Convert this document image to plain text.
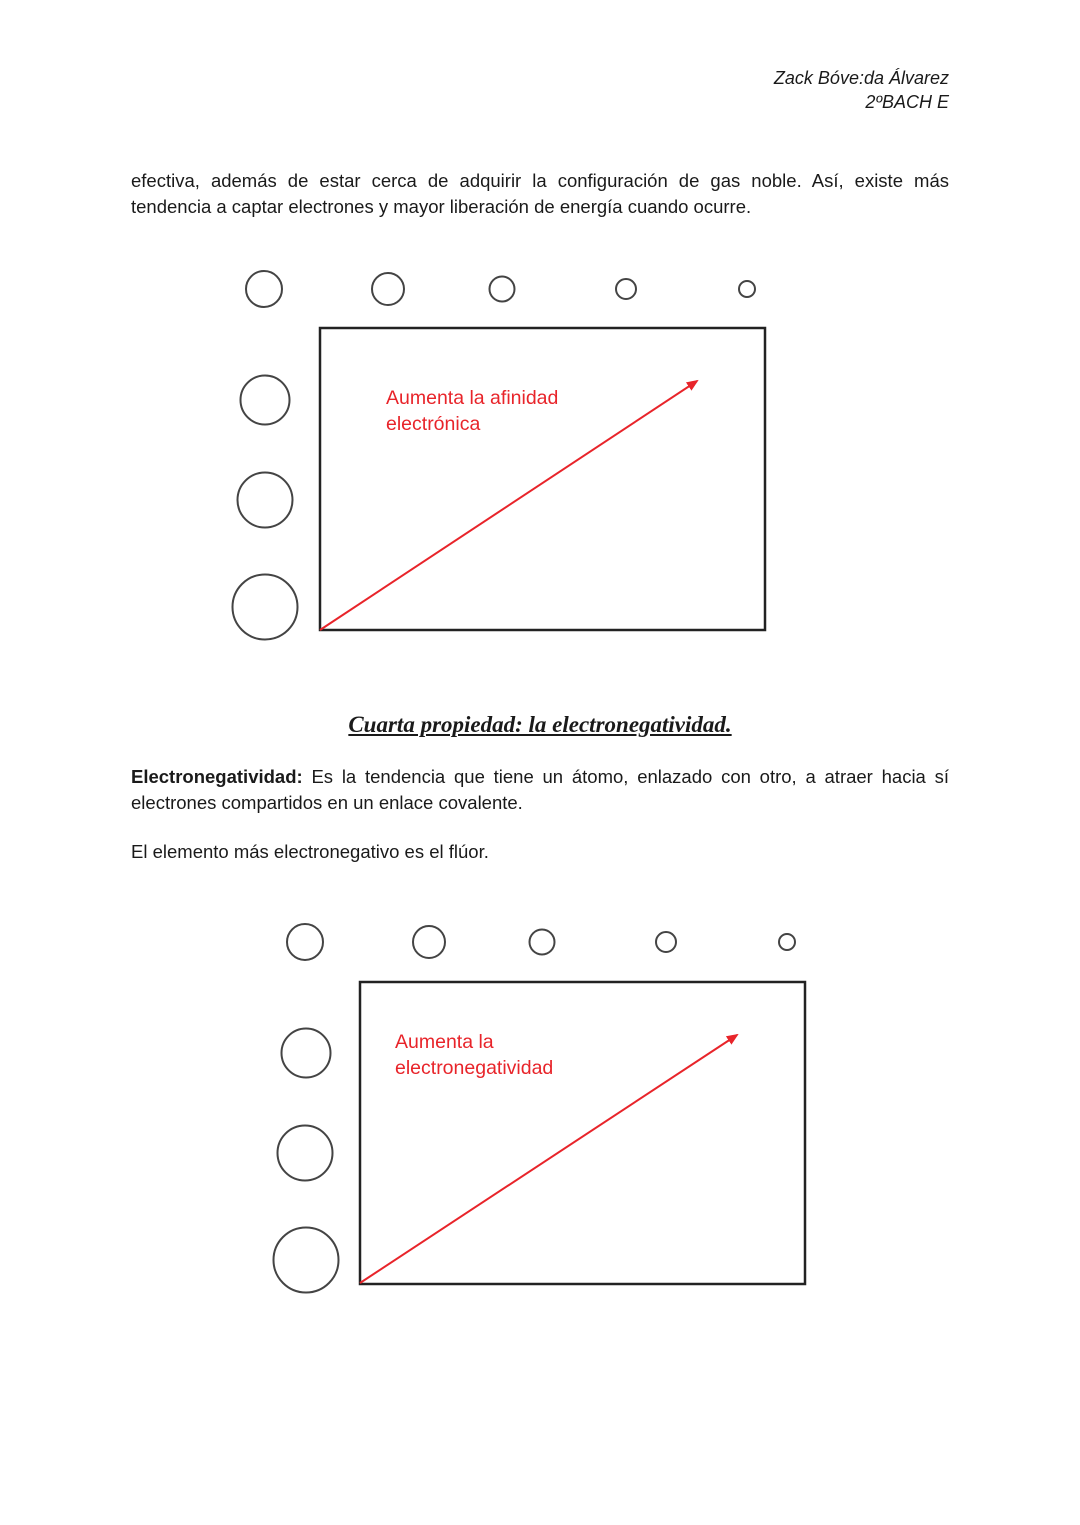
Zack Bóve:da Álvarez
2ºBACH E

efectiva, además de estar cerca de adquirir la configuración de gas noble. Así, existe más tendencia a captar electrones y mayor liberación de energía cuando ocurre.

Aumenta la afinidad
electrónica
Cuarta propiedad: la electronegatividad.

Electronegatividad: Es la tendencia que tiene un átomo, enlazado con otro, a atraer hacia sí electrones compartidos en un enlace covalente.

El elemento más electronegativo es el flúor.

Aumenta la
electronegatividad
